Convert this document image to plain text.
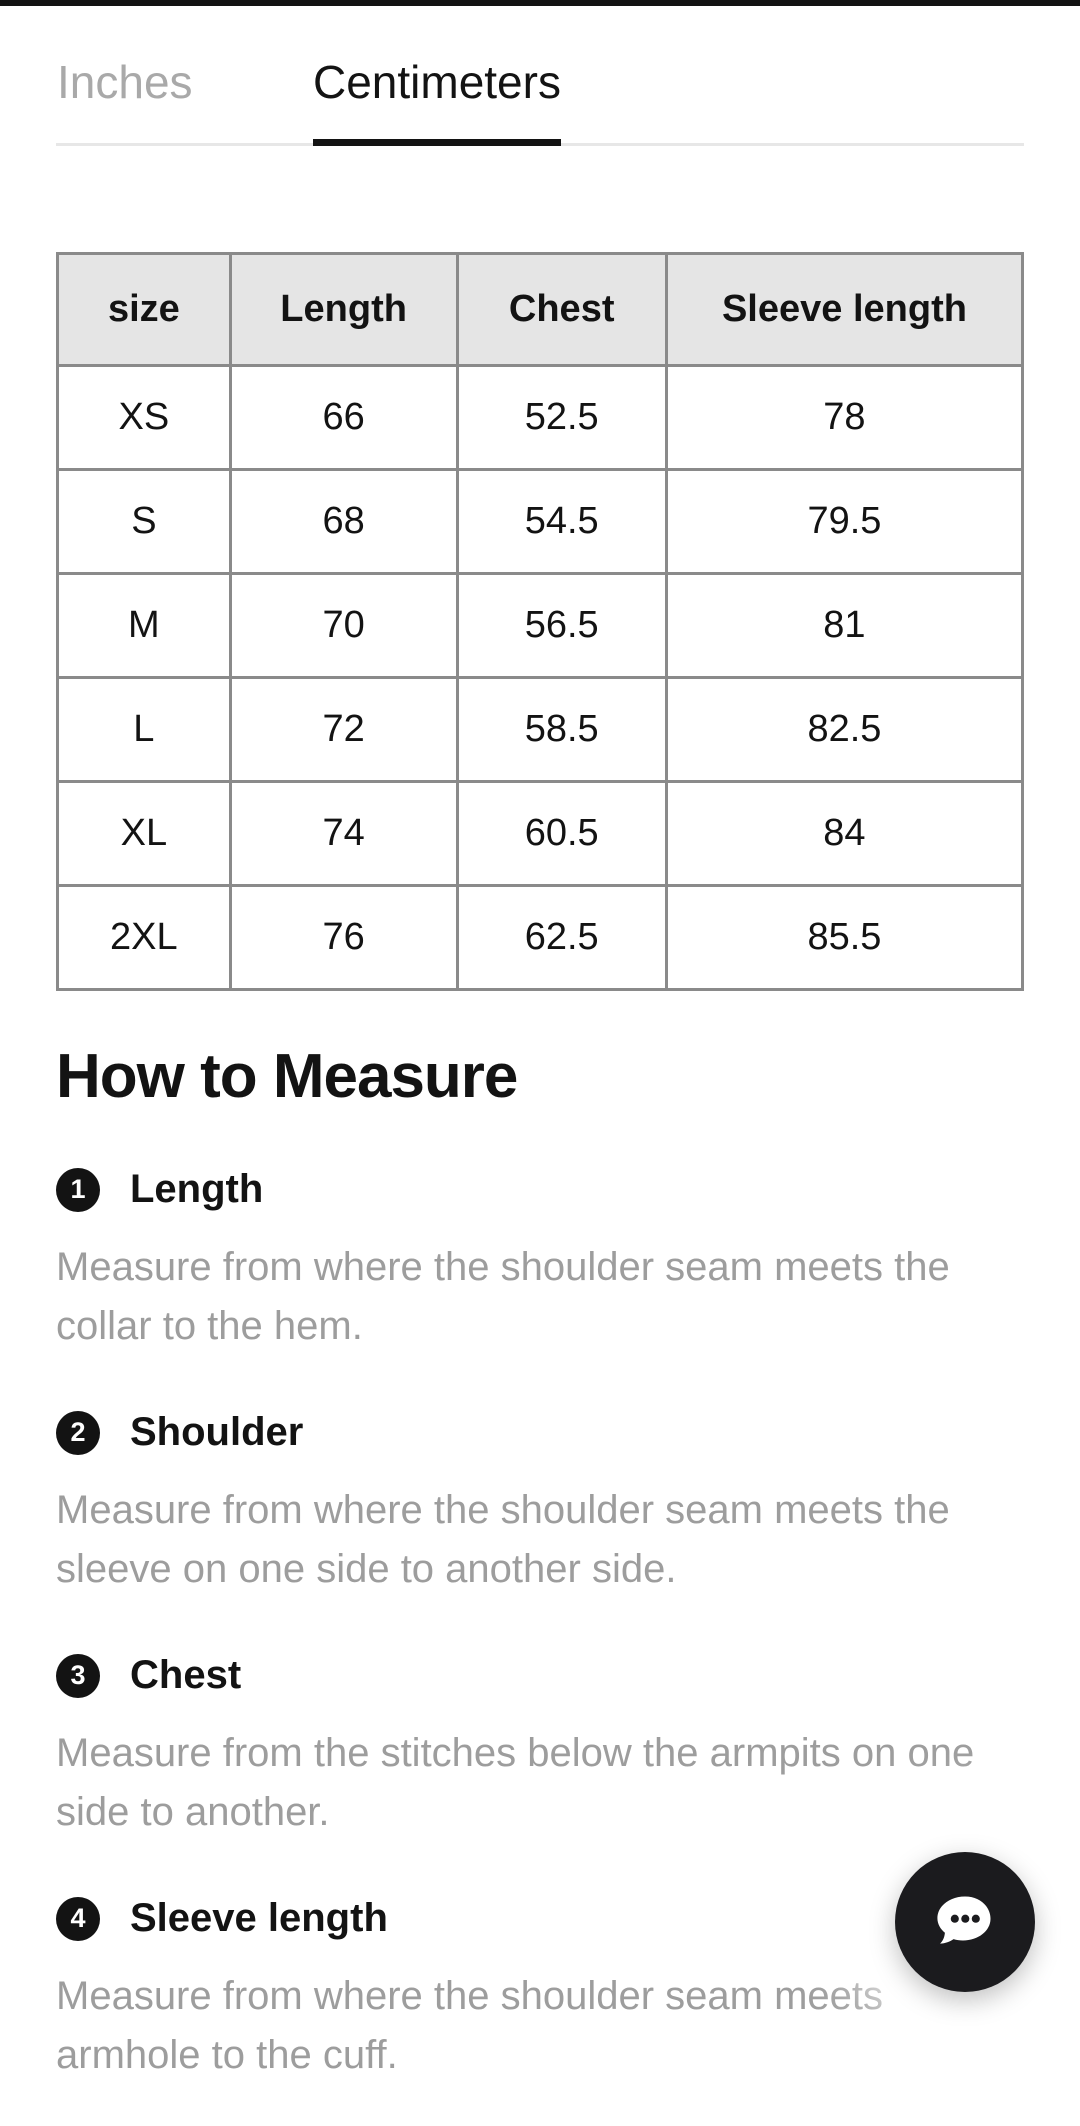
Inches	Centimeters
size	Length	Chest	Sleeve length
XS	66	52.5	78
S	68	54.5	79.5
M	70	56.5	81
L	72	58.5	82.5
XL	74	60.5	84
2XL	76	62.5	85.5
How to Measure
1	Length

Measure from where the shoulder seam meets the collar to the hem.

2	Shoulder

Measure from where the shoulder seam meets the sleeve on one side to another side.

3	Chest

Measure from the stitches below the armpits on one side to another.

4	Sleeve length

Measure from where the shoulder seam meets armhole to the cuff.
